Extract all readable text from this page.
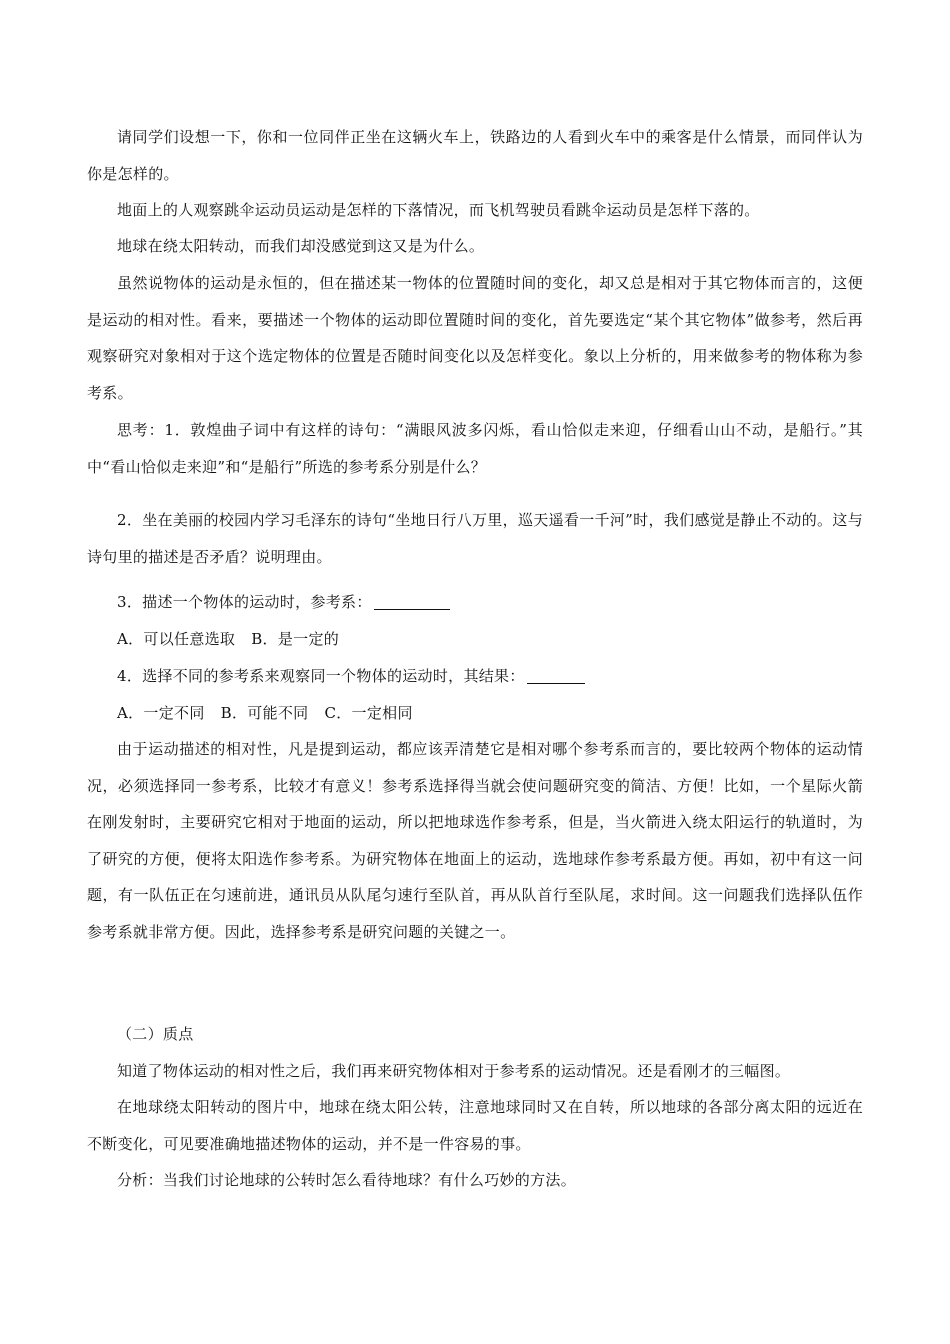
请同学们设想一下，你和一位同伴正坐在这辆火车上，铁路边的人看到火车中的乘客是什么情景，而同伴认为你是怎样的。

地面上的人观察跳伞运动员运动是怎样的下落情况，而飞机驾驶员看跳伞运动员是怎样下落的。

地球在绕太阳转动，而我们却没感觉到这又是为什么。

虽然说物体的运动是永恒的，但在描述某一物体的位置随时间的变化，却又总是相对于其它物体而言的，这便是运动的相对性。看来，要描述一个物体的运动即位置随时间的变化，首先要选定“某个其它物体”做参考，然后再观察研究对象相对于这个选定物体的位置是否随时间变化以及怎样变化。象以上分析的，用来做参考的物体称为参考系。

思考：1．敦煌曲子词中有这样的诗句：“满眼风波多闪烁，看山恰似走来迎，仔细看山山不动，是船行。”其中“看山恰似走来迎”和“是船行”所选的参考系分别是什么？

2．坐在美丽的校园内学习毛泽东的诗句“坐地日行八万里，巡天遥看一千河”时，我们感觉是静止不动的。这与诗句里的描述是否矛盾？说明理由。

3．描述一个物体的运动时，参考系：

A．可以任意选取 B．是一定的

4．选择不同的参考系来观察同一个物体的运动时，其结果：

A．一定不同 B．可能不同 C．一定相同

由于运动描述的相对性，凡是提到运动，都应该弄清楚它是相对哪个参考系而言的，要比较两个物体的运动情况，必须选择同一参考系，比较才有意义！参考系选择得当就会使问题研究变的简洁、方便！比如，一个星际火箭在刚发射时，主要研究它相对于地面的运动，所以把地球选作参考系，但是，当火箭进入绕太阳运行的轨道时，为了研究的方便，便将太阳选作参考系。为研究物体在地面上的运动，选地球作参考系最方便。再如，初中有这一问题，有一队伍正在匀速前进，通讯员从队尾匀速行至队首，再从队首行至队尾，求时间。这一问题我们选择队伍作参考系就非常方便。因此，选择参考系是研究问题的关键之一。

（二）质点

知道了物体运动的相对性之后，我们再来研究物体相对于参考系的运动情况。还是看刚才的三幅图。

在地球绕太阳转动的图片中，地球在绕太阳公转，注意地球同时又在自转，所以地球的各部分离太阳的远近在不断变化，可见要准确地描述物体的运动，并不是一件容易的事。

分析：当我们讨论地球的公转时怎么看待地球？有什么巧妙的方法。
